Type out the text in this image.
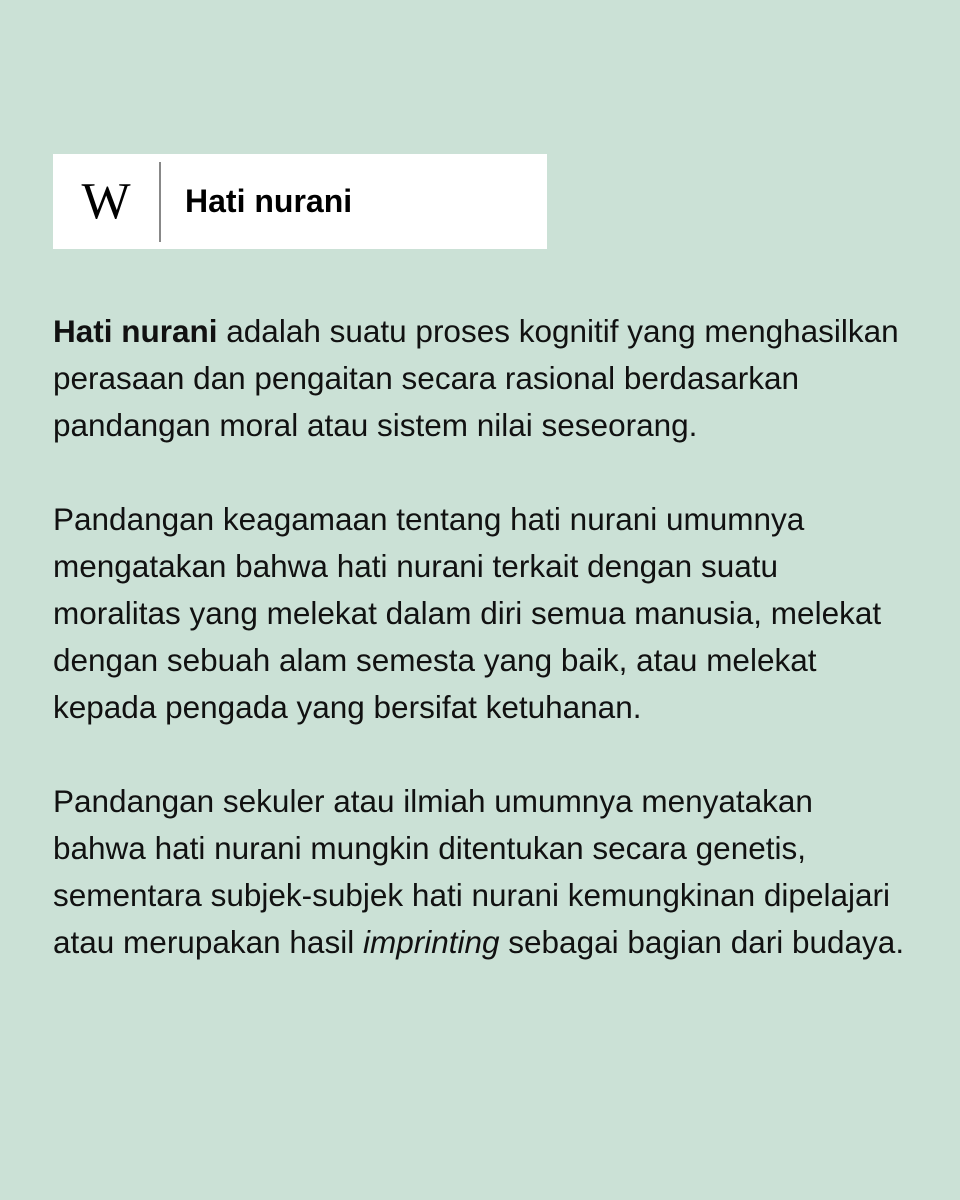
W	Hati nurani

Hati nurani adalah suatu proses kognitif yang menghasilkan perasaan dan pengaitan secara rasional berdasarkan pandangan moral atau sistem nilai seseorang.

Pandangan keagamaan tentang hati nurani umumnya mengatakan bahwa hati nurani terkait dengan suatu moralitas yang melekat dalam diri semua manusia, melekat dengan sebuah alam semesta yang baik, atau melekat kepada pengada yang bersifat ketuhanan.

Pandangan sekuler atau ilmiah umumnya menyatakan bahwa hati nurani mungkin ditentukan secara genetis, sementara subjek-subjek hati nurani kemungkinan dipelajari atau merupakan hasil imprinting sebagai bagian dari budaya.
